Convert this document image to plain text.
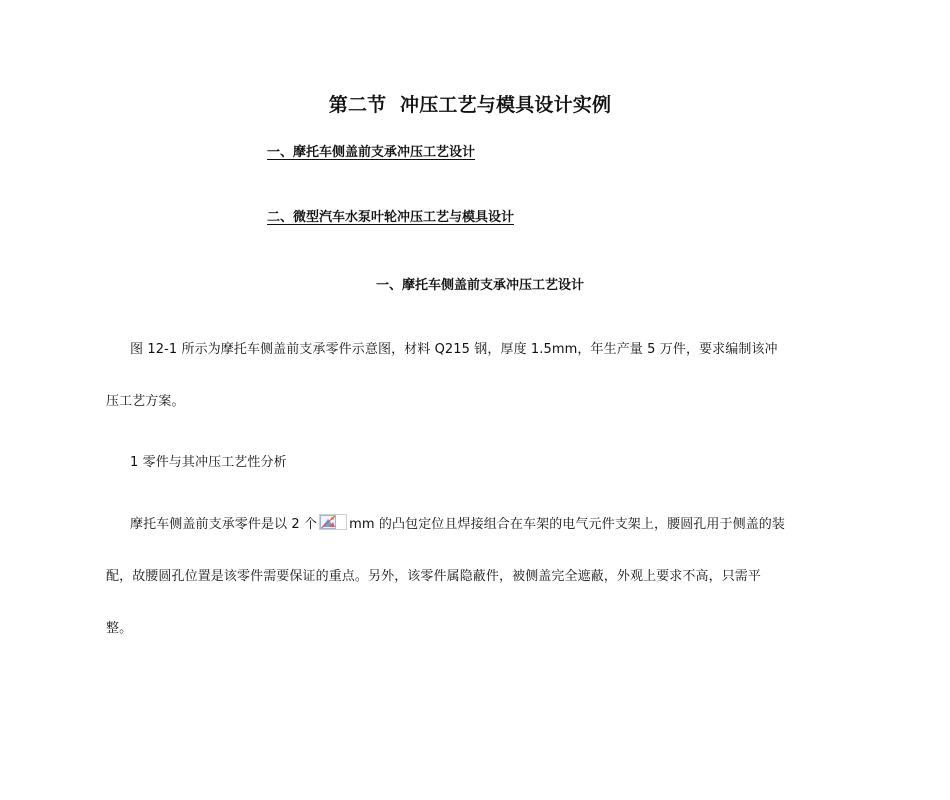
第二节  冲压工艺与模具设计实例
一、摩托车侧盖前支承冲压工艺设计
二、微型汽车水泵叶轮冲压工艺与模具设计
一、摩托车侧盖前支承冲压工艺设计
图 12-1 所示为摩托车侧盖前支承零件示意图，材料 Q215 钢，厚度 1.5mm，年生产量 5 万件，要求编制该冲
压工艺方案。
1 零件与其冲压工艺性分析
摩托车侧盖前支承零件是以 2 个 mm 的凸包定位且焊接组合在车架的电气元件支架上，腰圆孔用于侧盖的装
配，故腰圆孔位置是该零件需要保证的重点。另外，该零件属隐蔽件，被侧盖完全遮蔽，外观上要求不高，只需平
整。
